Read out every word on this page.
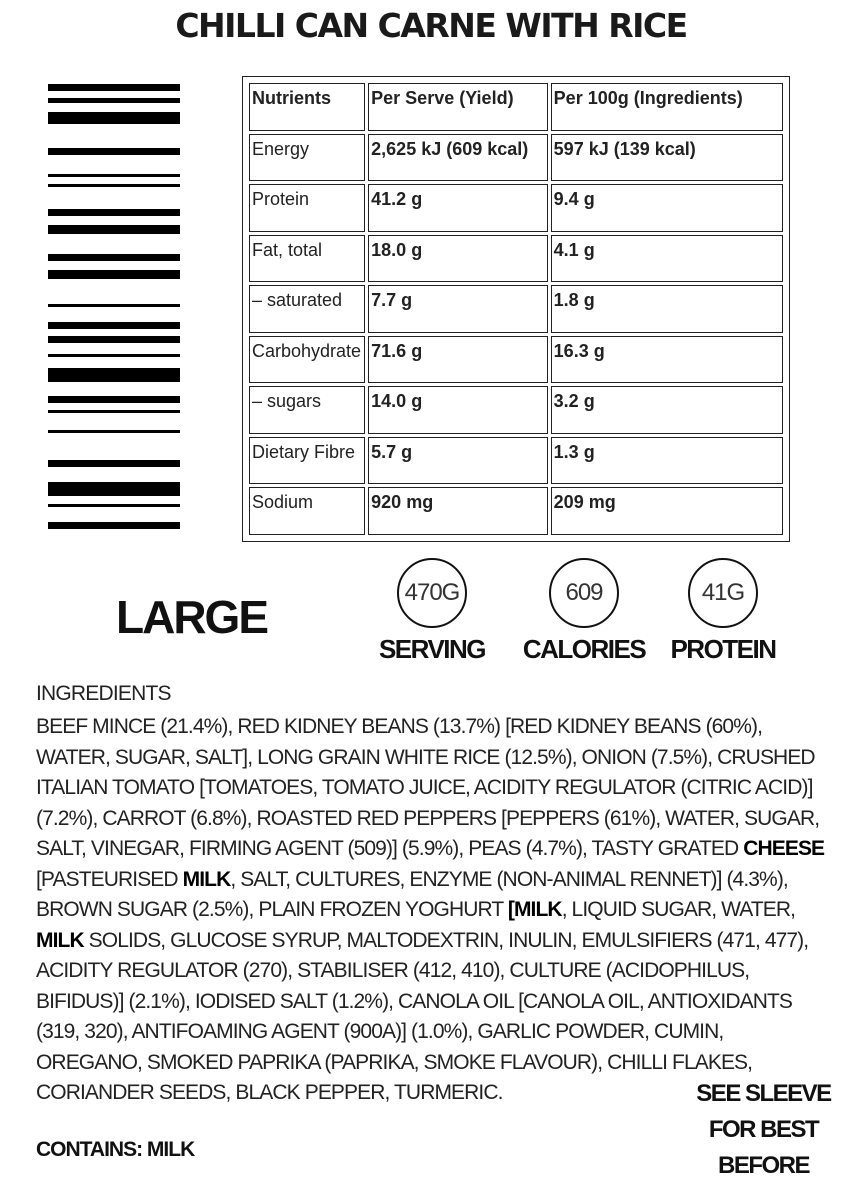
CHILLI CAN CARNE WITH RICE
Nutrients	Per Serve (Yield)	Per 100g (Ingredients)
Energy	2,625 kJ (609 kcal)	597 kJ (139 kcal)
Protein	41.2 g	9.4 g
Fat, total	18.0 g	4.1 g
– saturated	7.7 g	1.8 g
Carbohydrate	71.6 g	16.3 g
– sugars	14.0 g	3.2 g
Dietary Fibre	5.7 g	1.3 g
Sodium	920 mg	209 mg
LARGE	470G
SERVING
609
CALORIES
41G
PROTEIN
INGREDIENTS
BEEF MINCE (21.4%), RED KIDNEY BEANS (13.7%) [RED KIDNEY BEANS (60%),
WATER, SUGAR, SALT], LONG GRAIN WHITE RICE (12.5%), ONION (7.5%), CRUSHED
ITALIAN TOMATO [TOMATOES, TOMATO JUICE, ACIDITY REGULATOR (CITRIC ACID)]
(7.2%), CARROT (6.8%), ROASTED RED PEPPERS [PEPPERS (61%), WATER, SUGAR,
SALT, VINEGAR, FIRMING AGENT (509)] (5.9%), PEAS (4.7%), TASTY GRATED CHEESE
[PASTEURISED MILK, SALT, CULTURES, ENZYME (NON-ANIMAL RENNET)] (4.3%),
BROWN SUGAR (2.5%), PLAIN FROZEN YOGHURT [MILK, LIQUID SUGAR, WATER,
MILK SOLIDS, GLUCOSE SYRUP, MALTODEXTRIN, INULIN, EMULSIFIERS (471, 477),
ACIDITY REGULATOR (270), STABILISER (412, 410), CULTURE (ACIDOPHILUS,
BIFIDUS)] (2.1%), IODISED SALT (1.2%), CANOLA OIL [CANOLA OIL, ANTIOXIDANTS
(319, 320), ANTIFOAMING AGENT (900A)] (1.0%), GARLIC POWDER, CUMIN,
OREGANO, SMOKED PAPRIKA (PAPRIKA, SMOKE FLAVOUR), CHILLI FLAKES,
CORIANDER SEEDS, BLACK PEPPER, TURMERIC.
CONTAINS: MILK
SEE SLEEVE
FOR BEST
BEFORE
